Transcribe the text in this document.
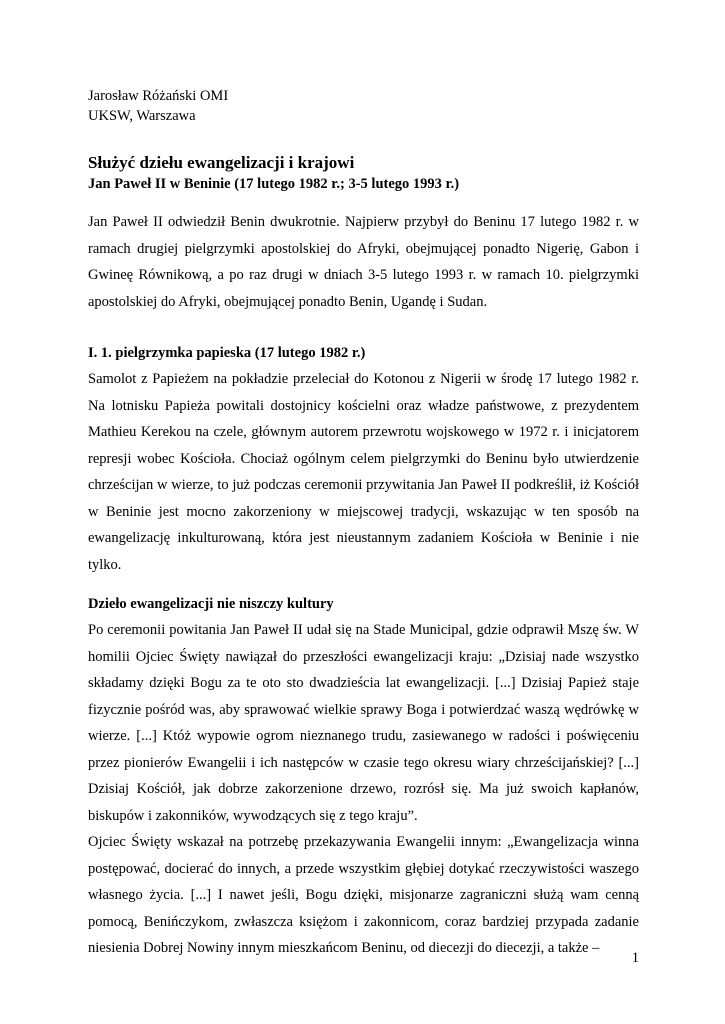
Jarosław Różański OMI
UKSW, Warszawa
Służyć dziełu ewangelizacji i krajowi
Jan Paweł II w Beninie (17 lutego 1982 r.; 3-5 lutego 1993 r.)
Jan Paweł II odwiedził Benin dwukrotnie. Najpierw przybył do Beninu 17 lutego 1982 r. w ramach drugiej pielgrzymki apostolskiej do Afryki, obejmującej ponadto Nigerię, Gabon i Gwineę Równikową, a po raz drugi w dniach 3-5 lutego 1993 r. w ramach 10. pielgrzymki apostolskiej do Afryki, obejmującej ponadto Benin, Ugandę i Sudan.
I. 1. pielgrzymka papieska (17 lutego 1982 r.)
Samolot z Papieżem na pokładzie przeleciał do Kotonou z Nigerii w środę 17 lutego 1982 r. Na lotnisku Papieża powitali dostojnicy kościelni oraz władze państwowe, z prezydentem Mathieu Kerekou na czele, głównym autorem przewrotu wojskowego w 1972 r. i inicjatorem represji wobec Kościoła. Chociaż ogólnym celem pielgrzymki do Beninu było utwierdzenie chrześcijan w wierze, to już podczas ceremonii przywitania Jan Paweł II podkreślił, iż Kościół w Beninie jest mocno zakorzeniony w miejscowej tradycji, wskazując w ten sposób na ewangelizację inkulturowaną, która jest nieustannym zadaniem Kościoła w Beninie i nie tylko.
Dzieło ewangelizacji nie niszczy kultury

Po ceremonii powitania Jan Paweł II udał się na Stade Municipal, gdzie odprawił Mszę św. W homilii Ojciec Święty nawiązał do przeszłości ewangelizacji kraju: „Dzisiaj nade wszystko składamy dzięki Bogu za te oto sto dwadzieścia lat ewangelizacji. [...] Dzisiaj Papież staje fizycznie pośród was, aby sprawować wielkie sprawy Boga i potwierdzać waszą wędrówkę w wierze. [...] Któż wypowie ogrom nieznanego trudu, zasiewanego w radości i poświęceniu przez pionierów Ewangelii i ich następców w czasie tego okresu wiary chrześcijańskiej? [...] Dzisiaj Kościół, jak dobrze zakorzenione drzewo, rozrósł się. Ma już swoich kapłanów, biskupów i zakonników, wywodzących się z tego kraju”.

Ojciec Święty wskazał na potrzebę przekazywania Ewangelii innym: „Ewangelizacja winna postępować, docierać do innych, a przede wszystkim głębiej dotykać rzeczywistości waszego własnego życia. [...] I nawet jeśli, Bogu dzięki, misjonarze zagraniczni służą wam cenną pomocą, Benińczykom, zwłaszcza księżom i zakonnicom, coraz bardziej przypada zadanie niesienia Dobrej Nowiny innym mieszkańcom Beninu, od diecezji do diecezji, a także –

1
